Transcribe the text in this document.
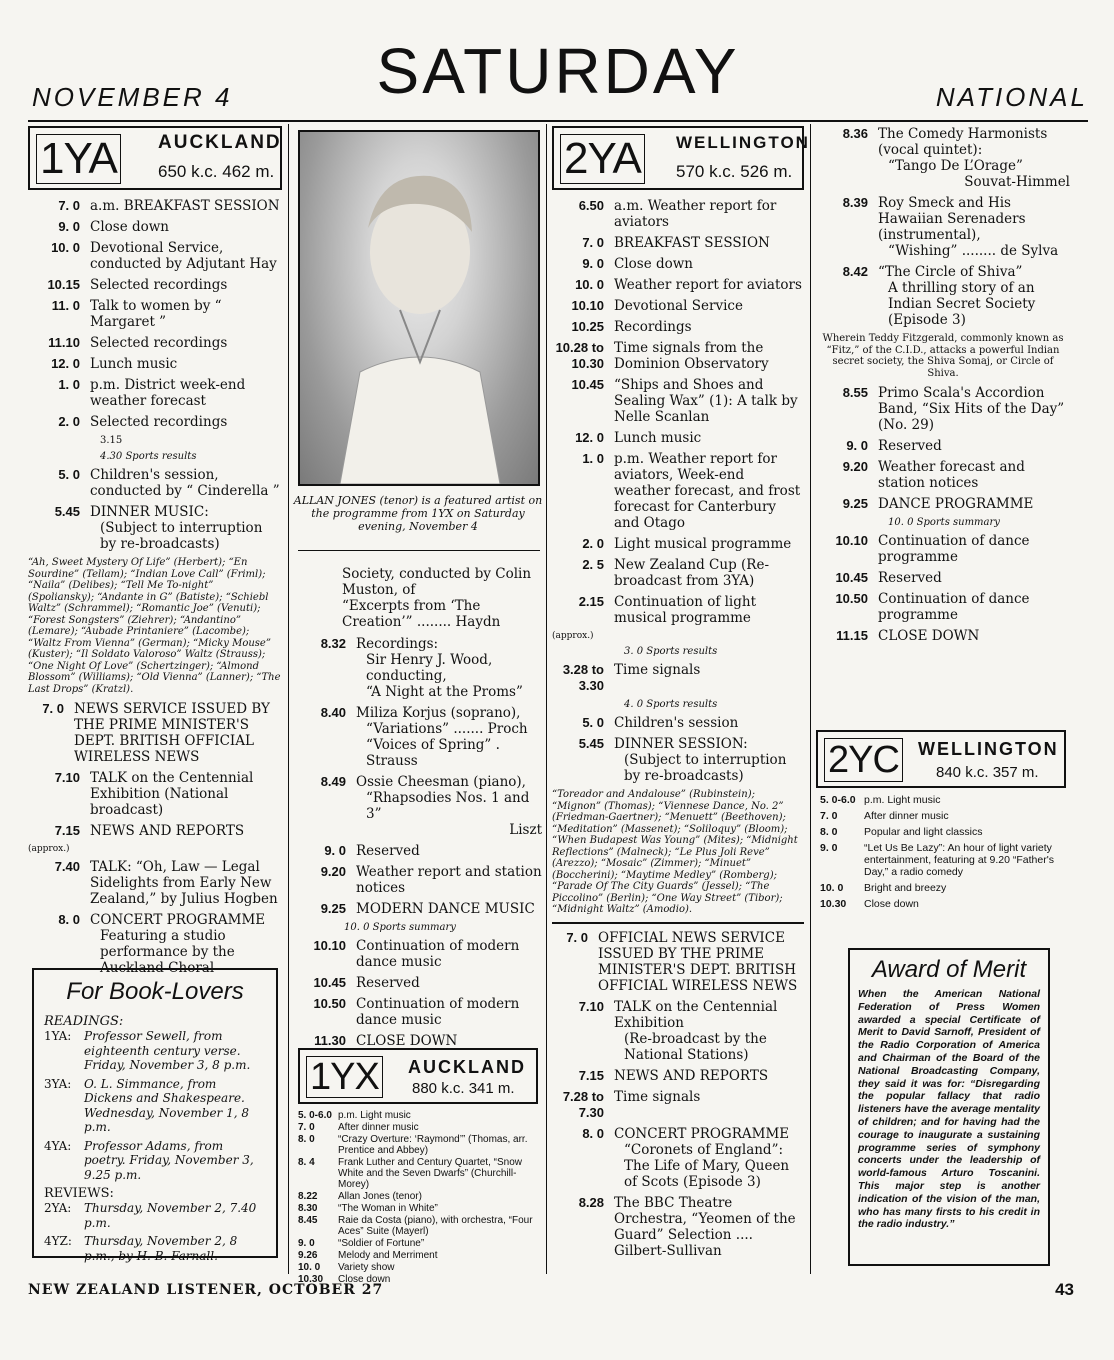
NOVEMBER 4	SATURDAY	NATIONAL
1YA AUCKLAND
650 k.c. 462 m.
7. 0 a.m. BREAKFAST SESSION
9. 0 Close down
10. 0 Devotional Service, conducted by Adjutant Hay
10.15 Selected recordings
11. 0 Talk to women by “ Margaret ”
11.10 Selected recordings
12. 0 Lunch music
1. 0 p.m. District week-end weather forecast
2. 0 Selected recordings
3.15
4.30 Sports results
5. 0 Children's session, conducted by “ Cinderella ”
5.45 DINNER MUSIC:
(Subject to interruption by re-broadcasts)
“Ah, Sweet Mystery Of Life” (Herbert); “En Sourdine” (Tellam); “Indian Love Call” (Friml); “Naila” (Delibes); “Tell Me To-night” (Spoliansky); “Andante in G” (Batiste); “Schiebl Waltz” (Schrammel); “Romantic Joe” (Venuti); “Forest Songsters” (Ziehrer); “Andantino” (Lemare); “Aubade Printaniere” (Lacombe); “Waltz From Vienna” (German); “Micky Mouse” (Kuster); “Il Soldato Valoroso” Waltz (Strauss); “One Night Of Love” (Schertzinger); “Almond Blossom” (Williams); “Old Vienna” (Lanner); “The Last Drops” (Kratzl).
7. 0 NEWS SERVICE ISSUED BY THE PRIME MINISTER'S DEPT. BRITISH OFFICIAL WIRELESS NEWS
7.10 TALK on the Centennial Exhibition (National broadcast)
7.15 NEWS AND REPORTS
(approx.)
7.40 TALK: “Oh, Law — Legal Sidelights from Early New Zealand,” by Julius Hogben
8. 0 CONCERT PROGRAMME
Featuring a studio performance by the Auckland Choral
For Book-Lovers
READINGS:
1YA:	Professor Sewell, from eighteenth century verse. Friday, November 3, 8 p.m.
3YA:	O. L. Simmance, from Dickens and Shakespeare. Wednesday, November 1, 8 p.m.
4YA:	Professor Adams, from poetry. Friday, November 3, 9.25 p.m.
REVIEWS:
2YA:	Thursday, November 2, 7.40 p.m.
4YZ:	Thursday, November 2, 8 p.m., by H. B. Farnall.
ALLAN JONES (tenor) is a featured artist on the programme from 1YX on Saturday evening, November 4
Society, conducted by Colin Muston, of
“Excerpts from ‘The Creation’” ........ Haydn
8.32 Recordings:
Sir Henry J. Wood, conducting,
“A Night at the Proms”
8.40 Miliza Korjus (soprano),
“Variations” ....... Proch
“Voices of Spring” . Strauss
8.49 Ossie Cheesman (piano),
“Rhapsodies Nos. 1 and 3”
Liszt
9. 0 Reserved
9.20 Weather report and station notices
9.25 MODERN DANCE MUSIC
10. 0 Sports summary
10.10 Continuation of modern dance music
10.45 Reserved
10.50 Continuation of modern dance music
11.30 CLOSE DOWN
1YX AUCKLAND
880 k.c. 341 m.
5. 0-6.0 p.m. Light music
7. 0	After dinner music
8. 0	“Crazy Overture: ‘Raymond’” (Thomas, arr. Prentice and Abbey)
8. 4	Frank Luther and Century Quartet, “Snow White and the Seven Dwarfs” (Churchill-Morey)
8.22	Allan Jones (tenor)
8.30	“The Woman in White”
8.45	Raie da Costa (piano), with orchestra, “Four Aces” Suite (Mayerl)
9. 0	“Soldier of Fortune”
9.26	Melody and Merriment
10. 0	Variety show
10.30	Close down
2YA WELLINGTON
570 k.c. 526 m.
6.50 a.m. Weather report for aviators
7. 0 BREAKFAST SESSION
9. 0 Close down
10. 0 Weather report for aviators
10.10 Devotional Service
10.25 Recordings
10.28 to 10.30
Time signals from the Dominion Observatory
10.45 “Ships and Shoes and Sealing Wax” (1): A talk by Nelle Scanlan
12. 0 Lunch music
1. 0 p.m. Weather report for aviators, Week-end weather forecast, and frost forecast for Canterbury and Otago
2. 0 Light musical programme
2. 5 New Zealand Cup (Re-broadcast from 3YA)
2.15 Continuation of light musical programme
(approx.)
3. 0 Sports results
3.28 to 3.30
Time signals
4. 0 Sports results
5. 0 Children's session
5.45 DINNER SESSION:
(Subject to interruption by re-broadcasts)
“Toreador and Andalouse” (Rubinstein); “Mignon” (Thomas); “Viennese Dance, No. 2” (Friedman-Gaertner); “Menuett” (Beethoven); “Meditation” (Massenet); “Soliloquy” (Bloom); “When Budapest Was Young” (Mites); “Midnight Reflections” (Malneck); “Le Plus Joli Reve” (Arezzo); “Mosaic” (Zimmer); “Minuet” (Boccherini); “Maytime Medley” (Romberg); “Parade Of The City Guards” (Jessel); “The Piccolino” (Berlin); “One Way Street” (Tibor); “Midnight Waltz” (Amodio).
7. 0 OFFICIAL NEWS SERVICE ISSUED BY THE PRIME MINISTER'S DEPT. BRITISH OFFICIAL WIRELESS NEWS
7.10 TALK on the Centennial Exhibition
(Re-broadcast by the National Stations)
7.15 NEWS AND REPORTS
7.28 to 7.30
Time signals
8. 0 CONCERT PROGRAMME
“Coronets of England”:
The Life of Mary, Queen of Scots (Episode 3)
8.28 The BBC Theatre Orchestra, “Yeomen of the Guard” Selection .... Gilbert-Sullivan
8.36 The Comedy Harmonists (vocal quintet):
“Tango De L’Orage”
Souvat-Himmel
8.39 Roy Smeck and His Hawaiian Serenaders (instrumental),
“Wishing” ........ de Sylva
8.42 “The Circle of Shiva”
A thrilling story of an Indian Secret Society (Episode 3)
Wherein Teddy Fitzgerald, commonly known as “Fitz,” of the C.I.D., attacks a powerful Indian secret society, the Shiva Somaj, or Circle of Shiva.
8.55 Primo Scala's Accordion Band, “Six Hits of the Day” (No. 29)
9. 0 Reserved
9.20 Weather forecast and station notices
9.25 DANCE PROGRAMME
10. 0 Sports summary
10.10 Continuation of dance programme
10.45 Reserved
10.50 Continuation of dance programme
11.15 CLOSE DOWN
2YC WELLINGTON
840 k.c. 357 m.
5. 0-6.0 p.m. Light music
7. 0	After dinner music
8. 0	Popular and light classics
9. 0	“Let Us Be Lazy”: An hour of light variety entertainment, featuring at 9.20 “Father's Day,” a radio comedy
10. 0	Bright and breezy
10.30	Close down
Award of Merit
When the American National Federation of Press Women awarded a special Certificate of Merit to David Sarnoff, President of the Radio Corporation of America and Chairman of the Board of the National Broadcasting Company, they said it was for: “Disregarding the popular fallacy that radio listeners have the average mentality of children; and for having had the courage to inaugurate a sustaining programme series of symphony concerts under the leadership of world-famous Arturo Toscanini. This major step is another indication of the vision of the man, who has many firsts to his credit in the radio industry.”
NEW ZEALAND LISTENER, OCTOBER 27	43
